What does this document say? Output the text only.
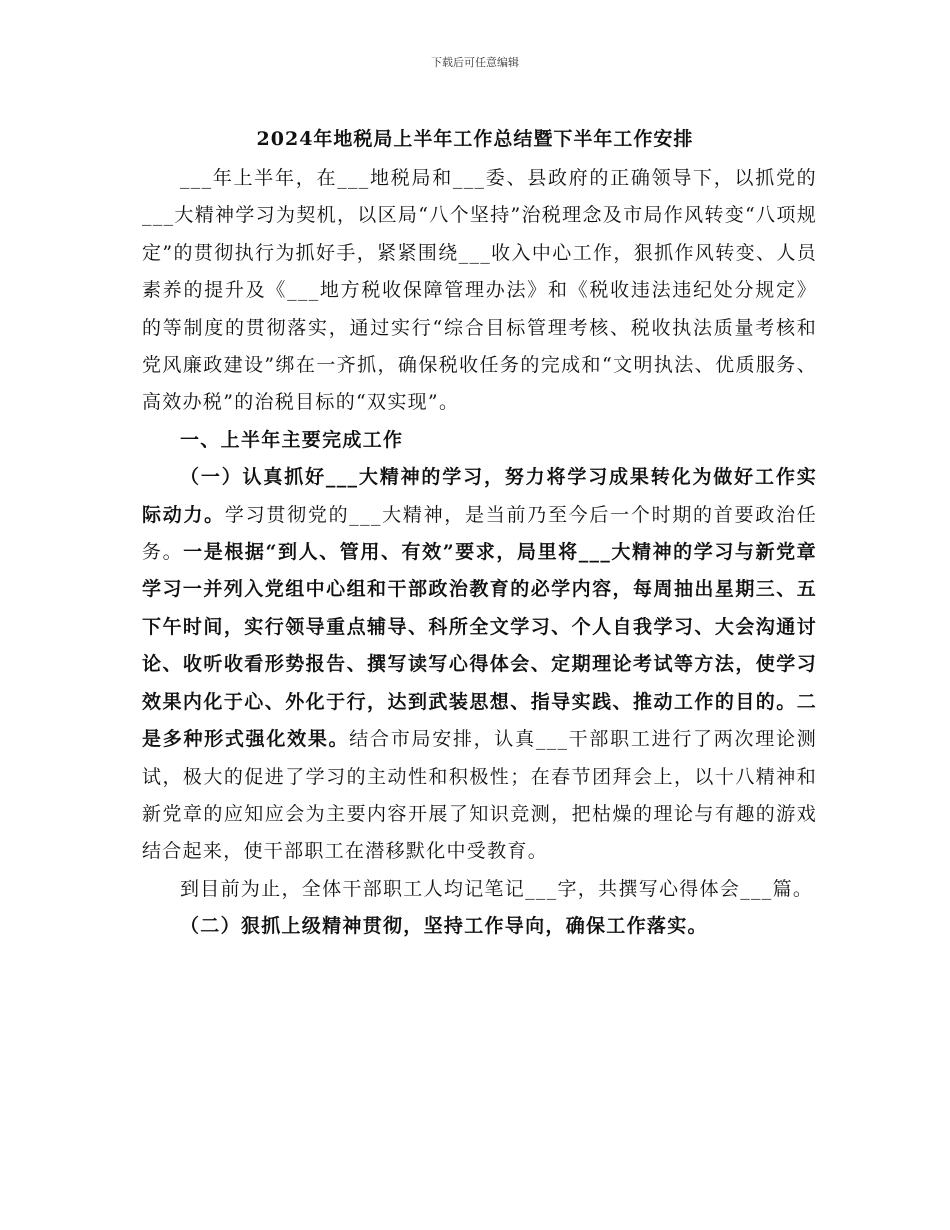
下载后可任意编辑
2024年地税局上半年工作总结暨下半年工作安排

___年上半年，在___地税局和___委、县政府的正确领导下，以抓党的___大精神学习为契机，以区局“八个坚持”治税理念及市局作风转变“八项规定”的贯彻执行为抓好手，紧紧围绕___收入中心工作，狠抓作风转变、人员素养的提升及《___地方税收保障管理办法》和《税收违法违纪处分规定》的等制度的贯彻落实，通过实行“综合目标管理考核、税收执法质量考核和党风廉政建设”绑在一齐抓，确保税收任务的完成和“文明执法、优质服务、高效办税”的治税目标的“双实现”。

一、上半年主要完成工作

（一）认真抓好___大精神的学习，努力将学习成果转化为做好工作实际动力。学习贯彻党的___大精神，是当前乃至今后一个时期的首要政治任务。一是根据“到人、管用、有效”要求，局里将___大精神的学习与新党章学习一并列入党组中心组和干部政治教育的必学内容，每周抽出星期三、五下午时间，实行领导重点辅导、科所全文学习、个人自我学习、大会沟通讨论、收听收看形势报告、撰写读写心得体会、定期理论考试等方法，使学习效果内化于心、外化于行，达到武装思想、指导实践、推动工作的目的。二是多种形式强化效果。结合市局安排，认真___干部职工进行了两次理论测试，极大的促进了学习的主动性和积极性；在春节团拜会上，以十八精神和新党章的应知应会为主要内容开展了知识竞测，把枯燥的理论与有趣的游戏结合起来，使干部职工在潜移默化中受教育。

到目前为止，全体干部职工人均记笔记___字，共撰写心得体会___篇。

（二）狠抓上级精神贯彻，坚持工作导向，确保工作落实。
